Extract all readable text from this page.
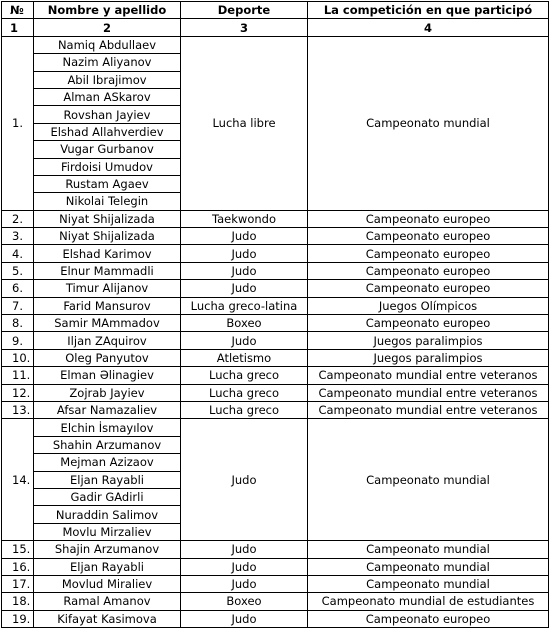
№	Nombre y apellido	Deporte	La competición en que participó
1	2	3	4
1.	Namiq Abdullaev	Lucha libre	Campeonato mundial
	Nazim Aliyanov		
	Abil Ibrajimov		
	Alman ASkarov		
	Rovshan Jayiev		
	Elshad Allahverdiev		
	Vugar Gurbanov		
	Firdoisi Umudov		
	Rustam Agaev		
	Nikolai Telegin		
2.	Niyat Shijalizada	Taekwondo	Campeonato europeo
3.	Niyat Shijalizada	Judo	Campeonato europeo
4.	Elshad Karimov	Judo	Campeonato europeo
5.	Elnur Mammadli	Judo	Campeonato europeo
6.	Timur Alijanov	Judo	Campeonato europeo
7.	Farid Mansurov	Lucha greco-latina	Juegos Olímpicos
8.	Samir MAmmadov	Boxeo	Campeonato europeo
9.	Iljan ZAquirov	Judo	Juegos paralimpios
10.	Oleg Panyutov	Atletismo	Juegos paralimpios
11.	Elman Əlinagiev	Lucha greco	Campeonato mundial entre veteranos
12.	Zojrab Jayiev	Lucha greco	Campeonato mundial entre veteranos
13.	Afsar Namazaliev	Lucha greco	Campeonato mundial entre veteranos
14.	Elchin İsmayılov	Judo	Campeonato mundial
	Shahin Arzumanov		
	Mejman Azizaov		
	Eljan Rayabli		
	Gadir GAdirli		
	Nuraddin Salimov		
	Movlu Mirzaliev		
15.	Shajin Arzumanov	Judo	Campeonato mundial
16.	Eljan Rayabli	Judo	Campeonato mundial
17.	Movlud Miraliev	Judo	Campeonato mundial
18.	Ramal Amanov	Boxeo	Campeonato mundial de estudiantes
19.	Kifayat Kasimova	Judo	Campeonato europeo
